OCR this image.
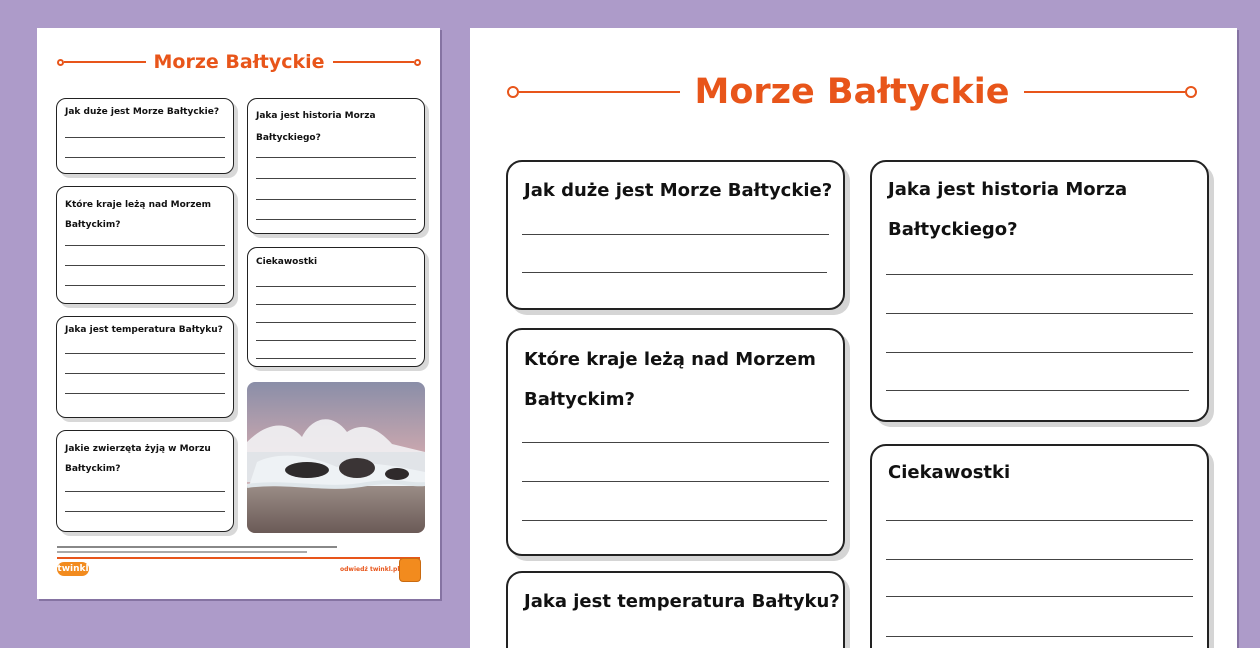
Morze Bałtyckie
Jak duże jest Morze Bałtyckie?
Które kraje leżą nad Morzem Bałtyckim?
Jaka jest temperatura Bałtyku?
Jakie zwierzęta żyją w Morzu Bałtyckim?
Jaka jest historia Morza Bałtyckiego?
Ciekawostki
twinkl	odwiedź twinkl.pl
Morze Bałtyckie
Jak duże jest Morze Bałtyckie?
Które kraje leżą nad Morzem Bałtyckim?
Jaka jest temperatura Bałtyku?
Jaka jest historia Morza Bałtyckiego?
Ciekawostki
